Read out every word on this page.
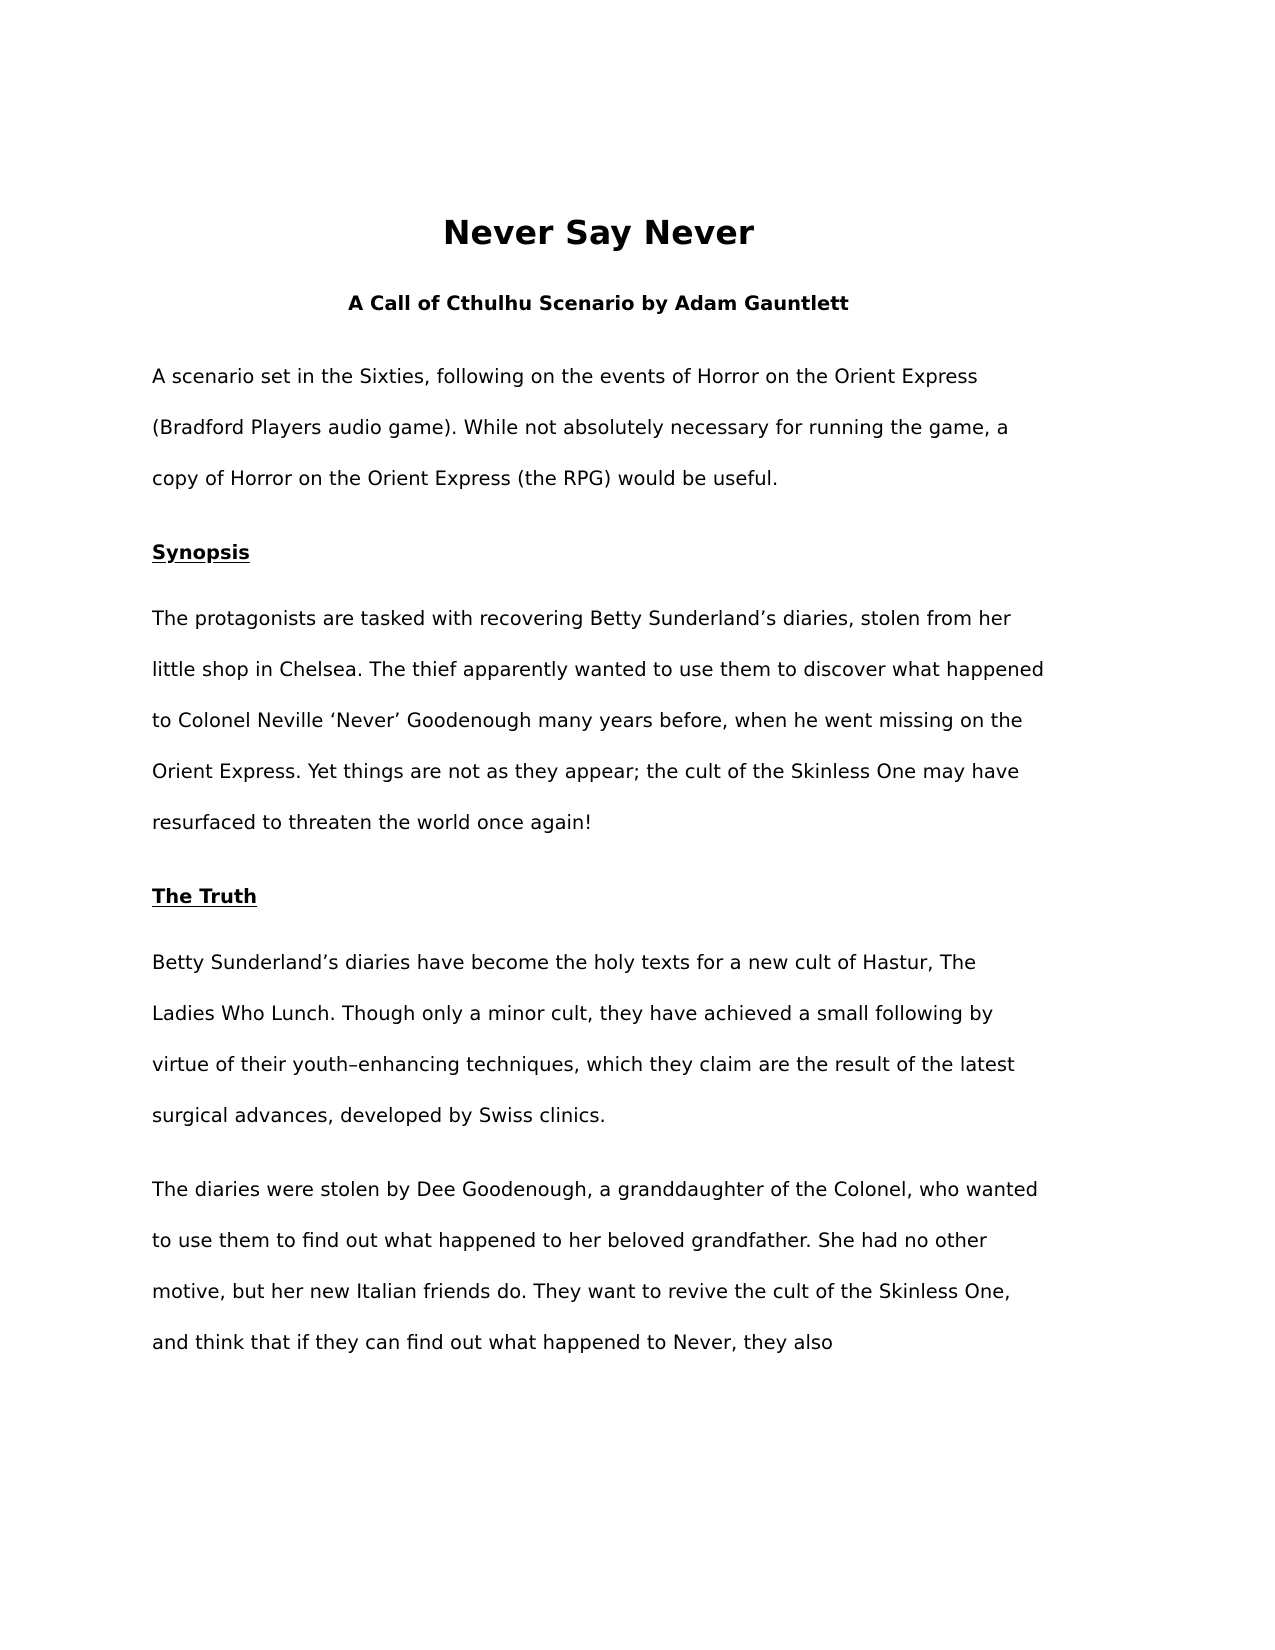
Never Say Never
A Call of Cthulhu Scenario by Adam Gauntlett

A scenario set in the Sixties, following on the events of Horror on the Orient Express (Bradford Players audio game). While not absolutely necessary for running the game, a copy of Horror on the Orient Express (the RPG) would be useful.

Synopsis

The protagonists are tasked with recovering Betty Sunderland’s diaries, stolen from her little shop in Chelsea. The thief apparently wanted to use them to discover what happened to Colonel Neville ‘Never’ Goodenough many years before, when he went missing on the Orient Express. Yet things are not as they appear; the cult of the Skinless One may have resurfaced to threaten the world once again!

The Truth

Betty Sunderland’s diaries have become the holy texts for a new cult of Hastur, The Ladies Who Lunch. Though only a minor cult, they have achieved a small following by virtue of their youth–enhancing techniques, which they claim are the result of the latest surgical advances, developed by Swiss clinics.

The diaries were stolen by Dee Goodenough, a granddaughter of the Colonel, who wanted to use them to find out what happened to her beloved grandfather. She had no other motive, but her new Italian friends do. They want to revive the cult of the Skinless One, and think that if they can find out what happened to Never, they also
